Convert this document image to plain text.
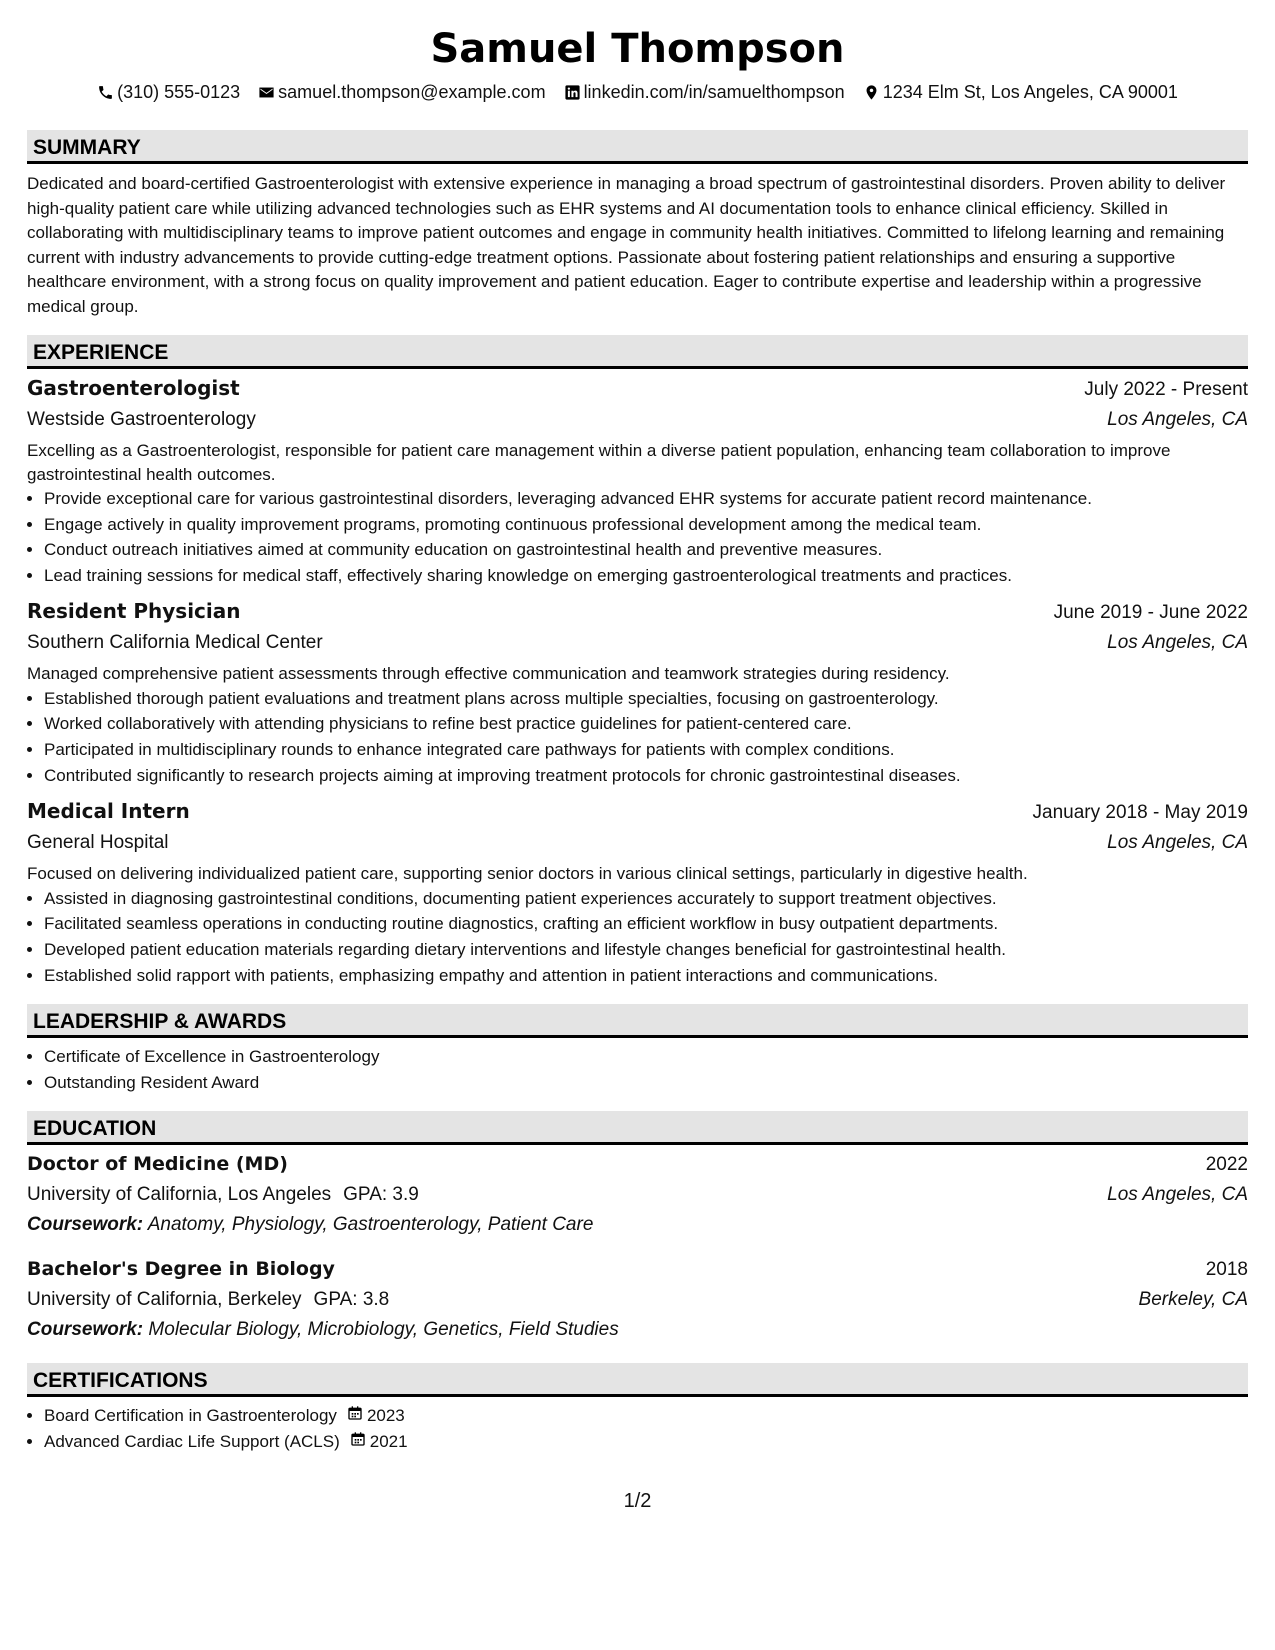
Samuel Thompson
(310) 555-0123 samuel.thompson@example.com linkedin.com/in/samuelthompson 1234 Elm St, Los Angeles, CA 90001
SUMMARY
Dedicated and board-certified Gastroenterologist with extensive experience in managing a broad spectrum of gastrointestinal disorders. Proven ability to deliver high-quality patient care while utilizing advanced technologies such as EHR systems and AI documentation tools to enhance clinical efficiency. Skilled in collaborating with multidisciplinary teams to improve patient outcomes and engage in community health initiatives. Committed to lifelong learning and remaining current with industry advancements to provide cutting-edge treatment options. Passionate about fostering patient relationships and ensuring a supportive healthcare environment, with a strong focus on quality improvement and patient education. Eager to contribute expertise and leadership within a progressive medical group.
EXPERIENCE
Gastroenterologist	July 2022 - Present
Westside Gastroenterology	Los Angeles, CA
Excelling as a Gastroenterologist, responsible for patient care management within a diverse patient population, enhancing team collaboration to improve gastrointestinal health outcomes.
• Provide exceptional care for various gastrointestinal disorders, leveraging advanced EHR systems for accurate patient record maintenance.
• Engage actively in quality improvement programs, promoting continuous professional development among the medical team.
• Conduct outreach initiatives aimed at community education on gastrointestinal health and preventive measures.
• Lead training sessions for medical staff, effectively sharing knowledge on emerging gastroenterological treatments and practices.
Resident Physician	June 2019 - June 2022
Southern California Medical Center	Los Angeles, CA
Managed comprehensive patient assessments through effective communication and teamwork strategies during residency.
• Established thorough patient evaluations and treatment plans across multiple specialties, focusing on gastroenterology.
• Worked collaboratively with attending physicians to refine best practice guidelines for patient-centered care.
• Participated in multidisciplinary rounds to enhance integrated care pathways for patients with complex conditions.
• Contributed significantly to research projects aiming at improving treatment protocols for chronic gastrointestinal diseases.
Medical Intern	January 2018 - May 2019
General Hospital	Los Angeles, CA
Focused on delivering individualized patient care, supporting senior doctors in various clinical settings, particularly in digestive health.
• Assisted in diagnosing gastrointestinal conditions, documenting patient experiences accurately to support treatment objectives.
• Facilitated seamless operations in conducting routine diagnostics, crafting an efficient workflow in busy outpatient departments.
• Developed patient education materials regarding dietary interventions and lifestyle changes beneficial for gastrointestinal health.
• Established solid rapport with patients, emphasizing empathy and attention in patient interactions and communications.
LEADERSHIP & AWARDS
• Certificate of Excellence in Gastroenterology
• Outstanding Resident Award
EDUCATION
Doctor of Medicine (MD)	2022
University of California, Los Angeles GPA: 3.9	Los Angeles, CA
Coursework: Anatomy, Physiology, Gastroenterology, Patient Care
Bachelor's Degree in Biology	2018
University of California, Berkeley GPA: 3.8	Berkeley, CA
Coursework: Molecular Biology, Microbiology, Genetics, Field Studies
CERTIFICATIONS
• Board Certification in Gastroenterology 2023
• Advanced Cardiac Life Support (ACLS) 2021
1/2
